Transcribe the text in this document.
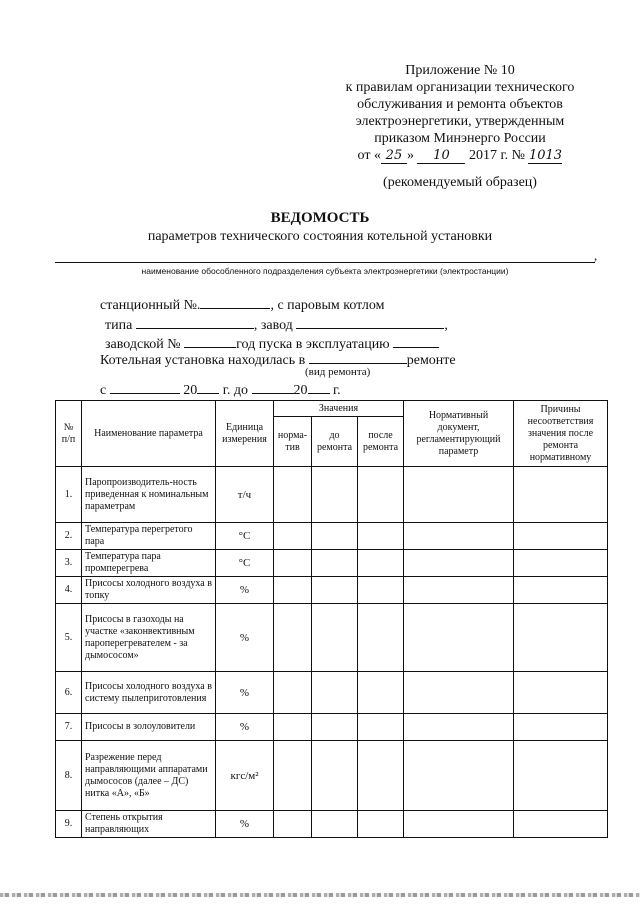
Приложение № 10
к правилам организации технического
обслуживания и ремонта объектов
электроэнергетики, утвержденным
приказом Минэнерго России
от « 25 » 10 2017 г. № 1013
(рекомендуемый образец)
ВЕДОМОСТЬ
параметров технического состояния котельной установки
,
наименование обособленного подразделения субъекта электроэнергетики (электростанции)
станционный №.	, с паровым котлом
типа	, завод	,
заводской №	год пуска в эксплуатацию
Котельная установка находилась в	ремонте
(вид ремонта)
с	20 г. до	20 г.
№ п/п	Наименование параметра	Единица измерения	Значения			Нормативный документ, регламентирующий параметр	Причины несоответствия значения после ремонта нормативному
			норма-тив	до ремонта	после ремонта		
1.	Паропроизводитель-ность приведенная к номинальным параметрам	т/ч					
2.	Температура перегретого пара	°С					
3.	Температура пара промперегрева	°С					
4.	Присосы холодного воздуха в топку	%					
5.	Присосы в газоходы на участке «законвективным пароперегревателем - за дымососом»	%					
6.	Присосы холодного воздуха в систему пылеприготовления	%					
7.	Присосы в золоуловители	%					
8.	Разрежение перед направляющими аппаратами дымососов (далее – ДС) нитка «А», «Б»	кгс/м²					
9.	Степень открытия направляющих	%					
